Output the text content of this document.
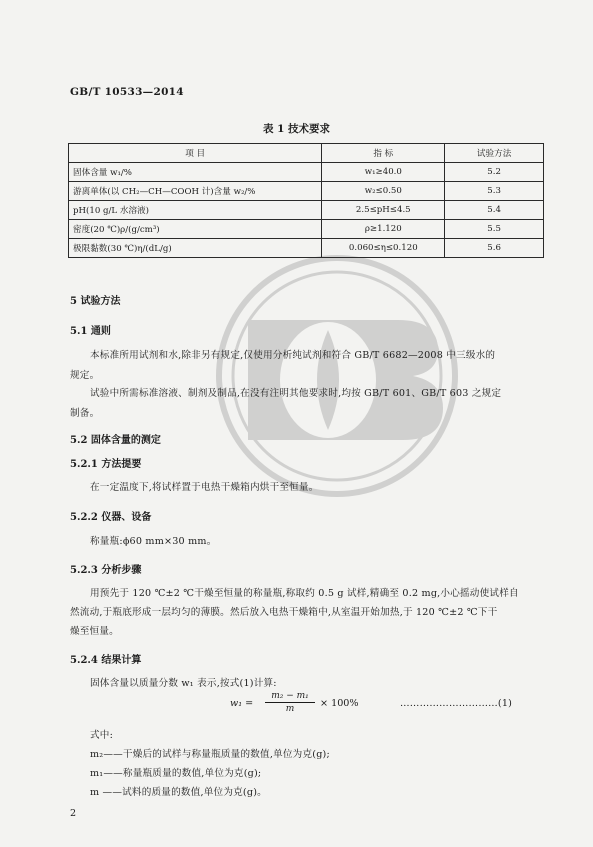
GB/T 10533—2014
表 1 技术要求
项 目	指 标	试验方法
固体含量 w₁/%	w₁≥40.0	5.2
游离单体(以 CH₂—CH—COOH 计)含量 w₂/%	w₂≤0.50	5.3
pH(10 g/L 水溶液)	2.5≤pH≤4.5	5.4
密度(20 ℃)ρ/(g/cm³)	ρ≥1.120	5.5
极限黏数(30 ℃)η/(dL/g)	0.060≤η≤0.120	5.6
5 试验方法
5.1 通则
本标准所用试剂和水,除非另有规定,仅使用分析纯试剂和符合 GB/T 6682—2008 中三级水的
规定。
试验中所需标准溶液、制剂及制品,在没有注明其他要求时,均按 GB/T 601、GB/T 603 之规定
制备。
5.2 固体含量的测定
5.2.1 方法提要
在一定温度下,将试样置于电热干燥箱内烘干至恒量。
5.2.2 仪器、设备
称量瓶:ϕ60 mm×30 mm。
5.2.3 分析步骤
用预先于 120 ℃±2 ℃干燥至恒量的称量瓶,称取约 0.5 g 试样,精确至 0.2 mg,小心摇动使试样自
然流动,于瓶底形成一层均匀的薄膜。然后放入电热干燥箱中,从室温开始加热,于 120 ℃±2 ℃下干
燥至恒量。
5.2.4 结果计算
固体含量以质量分数 w₁ 表示,按式(1)计算:
$w_1 = \frac{\text{m₂ − m₁}}{m} \times 100\%$	…………………………(1)
式中:
m₂——干燥后的试样与称量瓶质量的数值,单位为克(g);
m₁——称量瓶质量的数值,单位为克(g);
m ——试料的质量的数值,单位为克(g)。
2
